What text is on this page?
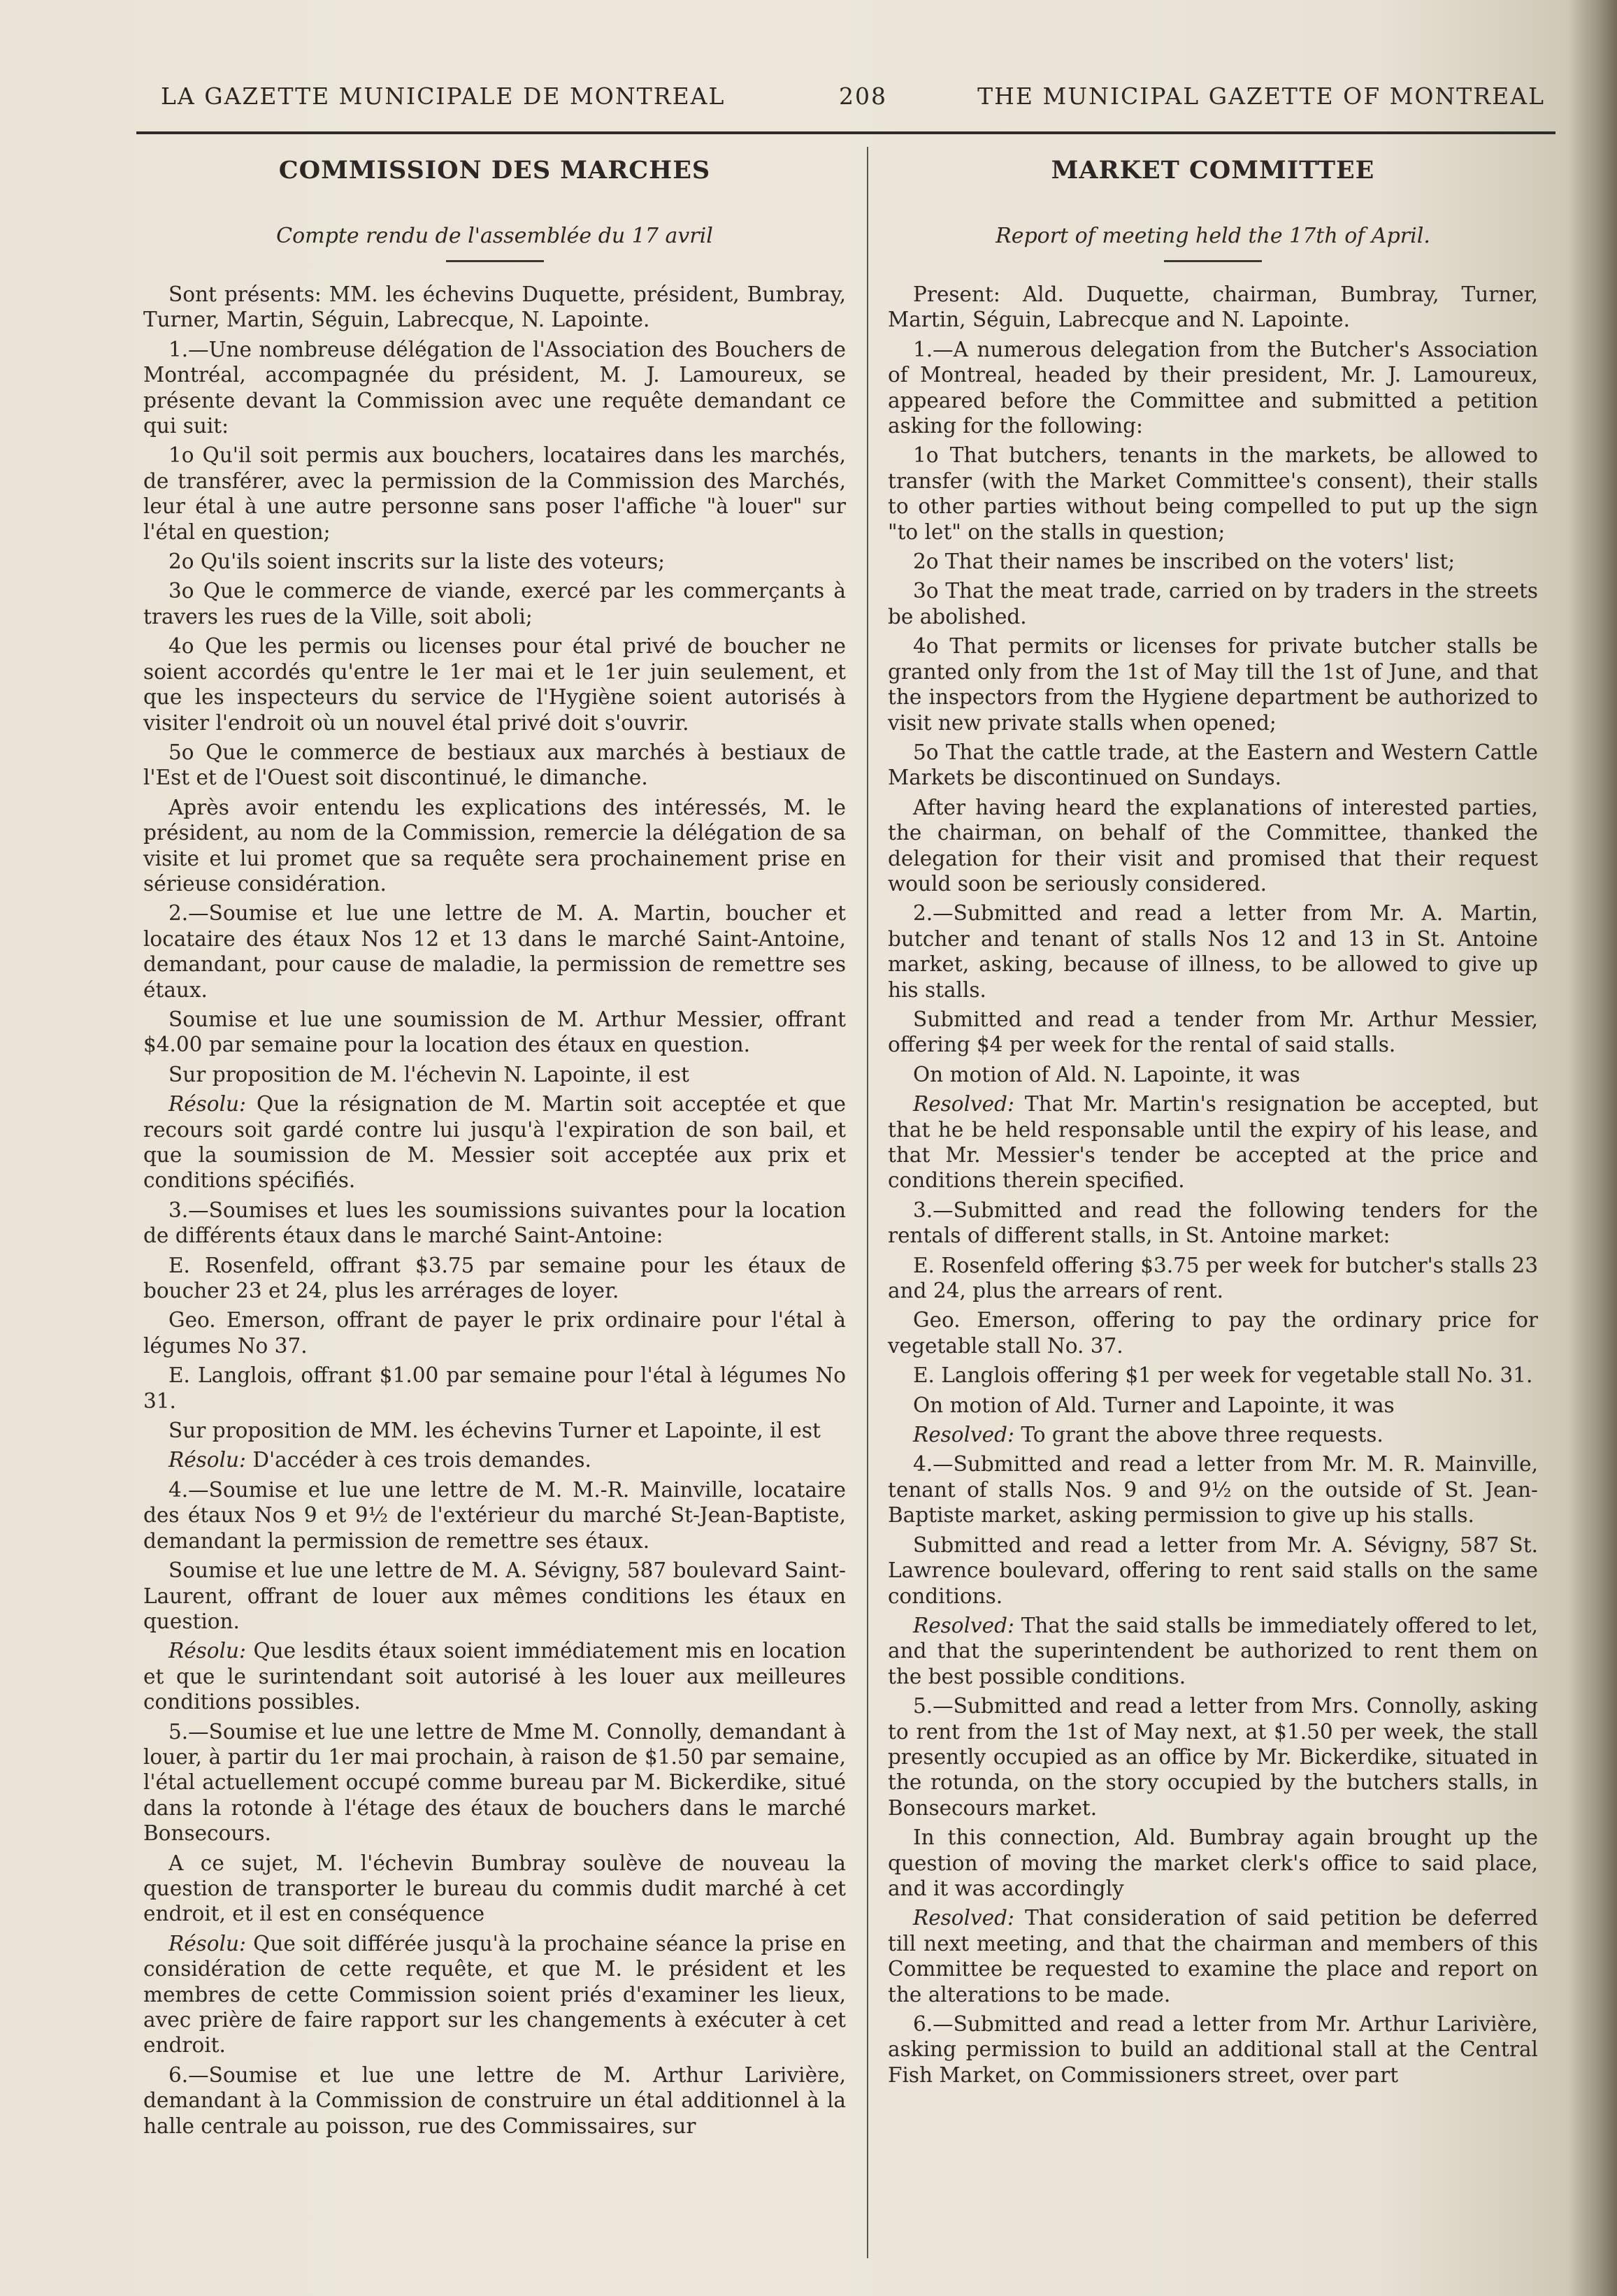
LA GAZETTE MUNICIPALE DE MONTREAL	208	THE MUNICIPAL GAZETTE OF MONTREAL
COMMISSION DES MARCHES
Compte rendu de l'assemblée du 17 avril

Sont présents: MM. les échevins Duquette, président, Bumbray, Turner, Martin, Séguin, Labrecque, N. Lapointe.

1.—Une nombreuse délégation de l'Association des Bouchers de Montréal, accompagnée du président, M. J. Lamoureux, se présente devant la Commission avec une requête demandant ce qui suit:

1o Qu'il soit permis aux bouchers, locataires dans les marchés, de transférer, avec la permission de la Commission des Marchés, leur étal à une autre personne sans poser l'affiche "à louer" sur l'étal en question;

2o Qu'ils soient inscrits sur la liste des voteurs;

3o Que le commerce de viande, exercé par les commerçants à travers les rues de la Ville, soit aboli;

4o Que les permis ou licenses pour étal privé de boucher ne soient accordés qu'entre le 1er mai et le 1er juin seulement, et que les inspecteurs du service de l'Hygiène soient autorisés à visiter l'endroit où un nouvel étal privé doit s'ouvrir.

5o Que le commerce de bestiaux aux marchés à bestiaux de l'Est et de l'Ouest soit discontinué, le dimanche.

Après avoir entendu les explications des intéressés, M. le président, au nom de la Commission, remercie la délégation de sa visite et lui promet que sa requête sera prochainement prise en sérieuse considération.

2.—Soumise et lue une lettre de M. A. Martin, boucher et locataire des étaux Nos 12 et 13 dans le marché Saint-Antoine, demandant, pour cause de maladie, la permission de remettre ses étaux.

Soumise et lue une soumission de M. Arthur Messier, offrant $4.00 par semaine pour la location des étaux en question.

Sur proposition de M. l'échevin N. Lapointe, il est

Résolu: Que la résignation de M. Martin soit acceptée et que recours soit gardé contre lui jusqu'à l'expiration de son bail, et que la soumission de M. Messier soit acceptée aux prix et conditions spécifiés.

3.—Soumises et lues les soumissions suivantes pour la location de différents étaux dans le marché Saint-Antoine:

E. Rosenfeld, offrant $3.75 par semaine pour les étaux de boucher 23 et 24, plus les arrérages de loyer.

Geo. Emerson, offrant de payer le prix ordinaire pour l'étal à légumes No 37.

E. Langlois, offrant $1.00 par semaine pour l'étal à légumes No 31.

Sur proposition de MM. les échevins Turner et Lapointe, il est

Résolu: D'accéder à ces trois demandes.

4.—Soumise et lue une lettre de M. M.-R. Mainville, locataire des étaux Nos 9 et 9½ de l'extérieur du marché St-Jean-Baptiste, demandant la permission de remettre ses étaux.

Soumise et lue une lettre de M. A. Sévigny, 587 boulevard Saint-Laurent, offrant de louer aux mêmes conditions les étaux en question.

Résolu: Que lesdits étaux soient immédiatement mis en location et que le surintendant soit autorisé à les louer aux meilleures conditions possibles.

5.—Soumise et lue une lettre de Mme M. Connolly, demandant à louer, à partir du 1er mai prochain, à raison de $1.50 par semaine, l'étal actuellement occupé comme bureau par M. Bickerdike, situé dans la rotonde à l'étage des étaux de bouchers dans le marché Bonsecours.

A ce sujet, M. l'échevin Bumbray soulève de nouveau la question de transporter le bureau du commis dudit marché à cet endroit, et il est en conséquence

Résolu: Que soit différée jusqu'à la prochaine séance la prise en considération de cette requête, et que M. le président et les membres de cette Commission soient priés d'examiner les lieux, avec prière de faire rapport sur les changements à exécuter à cet endroit.

6.—Soumise et lue une lettre de M. Arthur Larivière, demandant à la Commission de construire un étal additionnel à la halle centrale au poisson, rue des Commissaires, sur

MARKET COMMITTEE
Report of meeting held the 17th of April.

Present: Ald. Duquette, chairman, Bumbray, Turner, Martin, Séguin, Labrecque and N. Lapointe.

1.—A numerous delegation from the Butcher's Association of Montreal, headed by their president, Mr. J. Lamoureux, appeared before the Committee and submitted a petition asking for the following:

1o That butchers, tenants in the markets, be allowed to transfer (with the Market Committee's consent), their stalls to other parties without being compelled to put up the sign "to let" on the stalls in question;

2o That their names be inscribed on the voters' list;

3o That the meat trade, carried on by traders in the streets be abolished.

4o That permits or licenses for private butcher stalls be granted only from the 1st of May till the 1st of June, and that the inspectors from the Hygiene department be authorized to visit new private stalls when opened;

5o That the cattle trade, at the Eastern and Western Cattle Markets be discontinued on Sundays.

After having heard the explanations of interested parties, the chairman, on behalf of the Committee, thanked the delegation for their visit and promised that their request would soon be seriously considered.

2.—Submitted and read a letter from Mr. A. Martin, butcher and tenant of stalls Nos 12 and 13 in St. Antoine market, asking, because of illness, to be allowed to give up his stalls.

Submitted and read a tender from Mr. Arthur Messier, offering $4 per week for the rental of said stalls.

On motion of Ald. N. Lapointe, it was

Resolved: That Mr. Martin's resignation be accepted, but that he be held responsable until the expiry of his lease, and that Mr. Messier's tender be accepted at the price and conditions therein specified.

3.—Submitted and read the following tenders for the rentals of different stalls, in St. Antoine market:

E. Rosenfeld offering $3.75 per week for butcher's stalls 23 and 24, plus the arrears of rent.

Geo. Emerson, offering to pay the ordinary price for vegetable stall No. 37.

E. Langlois offering $1 per week for vegetable stall No. 31.

On motion of Ald. Turner and Lapointe, it was

Resolved: To grant the above three requests.

4.—Submitted and read a letter from Mr. M. R. Mainville, tenant of stalls Nos. 9 and 9½ on the outside of St. Jean-Baptiste market, asking permission to give up his stalls.

Submitted and read a letter from Mr. A. Sévigny, 587 St. Lawrence boulevard, offering to rent said stalls on the same conditions.

Resolved: That the said stalls be immediately offered to let, and that the superintendent be authorized to rent them on the best possible conditions.

5.—Submitted and read a letter from Mrs. Connolly, asking to rent from the 1st of May next, at $1.50 per week, the stall presently occupied as an office by Mr. Bickerdike, situated in the rotunda, on the story occupied by the butchers stalls, in Bonsecours market.

In this connection, Ald. Bumbray again brought up the question of moving the market clerk's office to said place, and it was accordingly

Resolved: That consideration of said petition be deferred till next meeting, and that the chairman and members of this Committee be requested to examine the place and report on the alterations to be made.

6.—Submitted and read a letter from Mr. Arthur Larivière, asking permission to build an additional stall at the Central Fish Market, on Commissioners street, over part
